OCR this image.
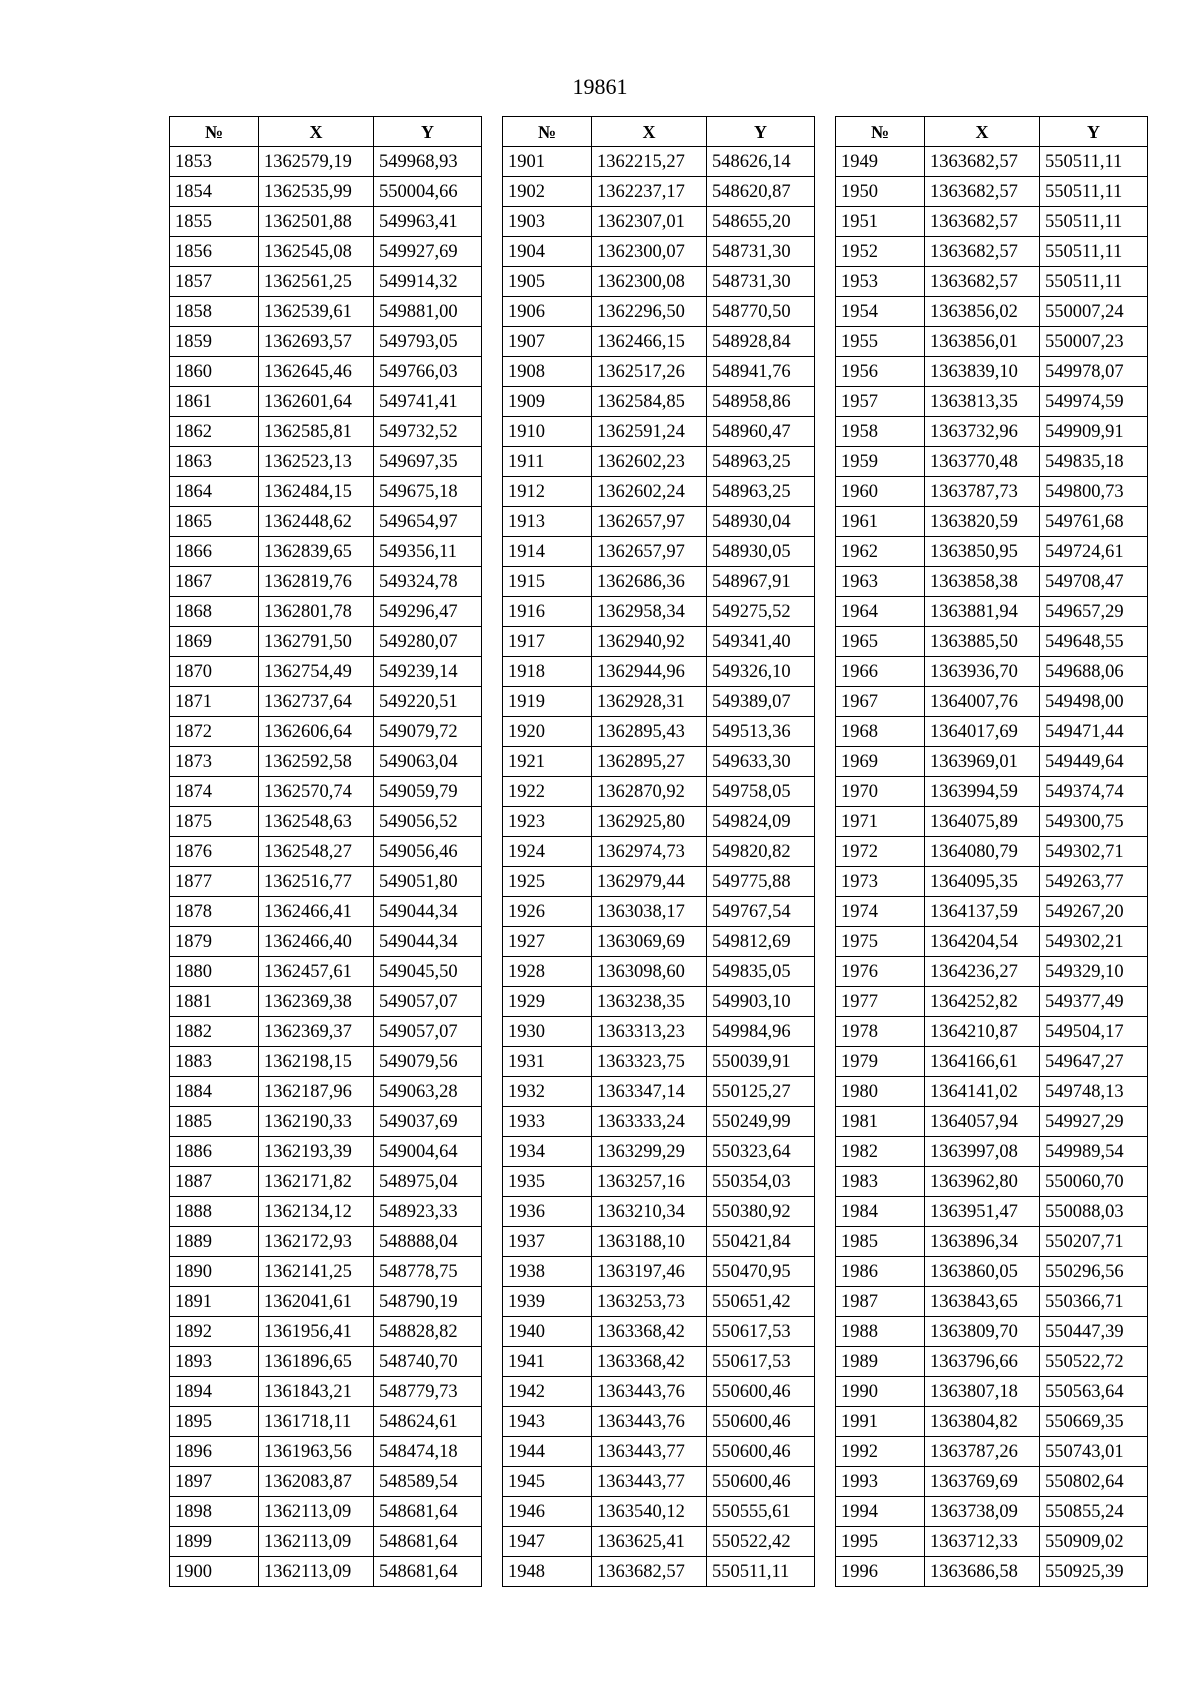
19861
№	X	Y
1853	1362579,19	549968,93
1854	1362535,99	550004,66
1855	1362501,88	549963,41
1856	1362545,08	549927,69
1857	1362561,25	549914,32
1858	1362539,61	549881,00
1859	1362693,57	549793,05
1860	1362645,46	549766,03
1861	1362601,64	549741,41
1862	1362585,81	549732,52
1863	1362523,13	549697,35
1864	1362484,15	549675,18
1865	1362448,62	549654,97
1866	1362839,65	549356,11
1867	1362819,76	549324,78
1868	1362801,78	549296,47
1869	1362791,50	549280,07
1870	1362754,49	549239,14
1871	1362737,64	549220,51
1872	1362606,64	549079,72
1873	1362592,58	549063,04
1874	1362570,74	549059,79
1875	1362548,63	549056,52
1876	1362548,27	549056,46
1877	1362516,77	549051,80
1878	1362466,41	549044,34
1879	1362466,40	549044,34
1880	1362457,61	549045,50
1881	1362369,38	549057,07
1882	1362369,37	549057,07
1883	1362198,15	549079,56
1884	1362187,96	549063,28
1885	1362190,33	549037,69
1886	1362193,39	549004,64
1887	1362171,82	548975,04
1888	1362134,12	548923,33
1889	1362172,93	548888,04
1890	1362141,25	548778,75
1891	1362041,61	548790,19
1892	1361956,41	548828,82
1893	1361896,65	548740,70
1894	1361843,21	548779,73
1895	1361718,11	548624,61
1896	1361963,56	548474,18
1897	1362083,87	548589,54
1898	1362113,09	548681,64
1899	1362113,09	548681,64
1900	1362113,09	548681,64
№	X	Y
1901	1362215,27	548626,14
1902	1362237,17	548620,87
1903	1362307,01	548655,20
1904	1362300,07	548731,30
1905	1362300,08	548731,30
1906	1362296,50	548770,50
1907	1362466,15	548928,84
1908	1362517,26	548941,76
1909	1362584,85	548958,86
1910	1362591,24	548960,47
1911	1362602,23	548963,25
1912	1362602,24	548963,25
1913	1362657,97	548930,04
1914	1362657,97	548930,05
1915	1362686,36	548967,91
1916	1362958,34	549275,52
1917	1362940,92	549341,40
1918	1362944,96	549326,10
1919	1362928,31	549389,07
1920	1362895,43	549513,36
1921	1362895,27	549633,30
1922	1362870,92	549758,05
1923	1362925,80	549824,09
1924	1362974,73	549820,82
1925	1362979,44	549775,88
1926	1363038,17	549767,54
1927	1363069,69	549812,69
1928	1363098,60	549835,05
1929	1363238,35	549903,10
1930	1363313,23	549984,96
1931	1363323,75	550039,91
1932	1363347,14	550125,27
1933	1363333,24	550249,99
1934	1363299,29	550323,64
1935	1363257,16	550354,03
1936	1363210,34	550380,92
1937	1363188,10	550421,84
1938	1363197,46	550470,95
1939	1363253,73	550651,42
1940	1363368,42	550617,53
1941	1363368,42	550617,53
1942	1363443,76	550600,46
1943	1363443,76	550600,46
1944	1363443,77	550600,46
1945	1363443,77	550600,46
1946	1363540,12	550555,61
1947	1363625,41	550522,42
1948	1363682,57	550511,11
№	X	Y
1949	1363682,57	550511,11
1950	1363682,57	550511,11
1951	1363682,57	550511,11
1952	1363682,57	550511,11
1953	1363682,57	550511,11
1954	1363856,02	550007,24
1955	1363856,01	550007,23
1956	1363839,10	549978,07
1957	1363813,35	549974,59
1958	1363732,96	549909,91
1959	1363770,48	549835,18
1960	1363787,73	549800,73
1961	1363820,59	549761,68
1962	1363850,95	549724,61
1963	1363858,38	549708,47
1964	1363881,94	549657,29
1965	1363885,50	549648,55
1966	1363936,70	549688,06
1967	1364007,76	549498,00
1968	1364017,69	549471,44
1969	1363969,01	549449,64
1970	1363994,59	549374,74
1971	1364075,89	549300,75
1972	1364080,79	549302,71
1973	1364095,35	549263,77
1974	1364137,59	549267,20
1975	1364204,54	549302,21
1976	1364236,27	549329,10
1977	1364252,82	549377,49
1978	1364210,87	549504,17
1979	1364166,61	549647,27
1980	1364141,02	549748,13
1981	1364057,94	549927,29
1982	1363997,08	549989,54
1983	1363962,80	550060,70
1984	1363951,47	550088,03
1985	1363896,34	550207,71
1986	1363860,05	550296,56
1987	1363843,65	550366,71
1988	1363809,70	550447,39
1989	1363796,66	550522,72
1990	1363807,18	550563,64
1991	1363804,82	550669,35
1992	1363787,26	550743,01
1993	1363769,69	550802,64
1994	1363738,09	550855,24
1995	1363712,33	550909,02
1996	1363686,58	550925,39
